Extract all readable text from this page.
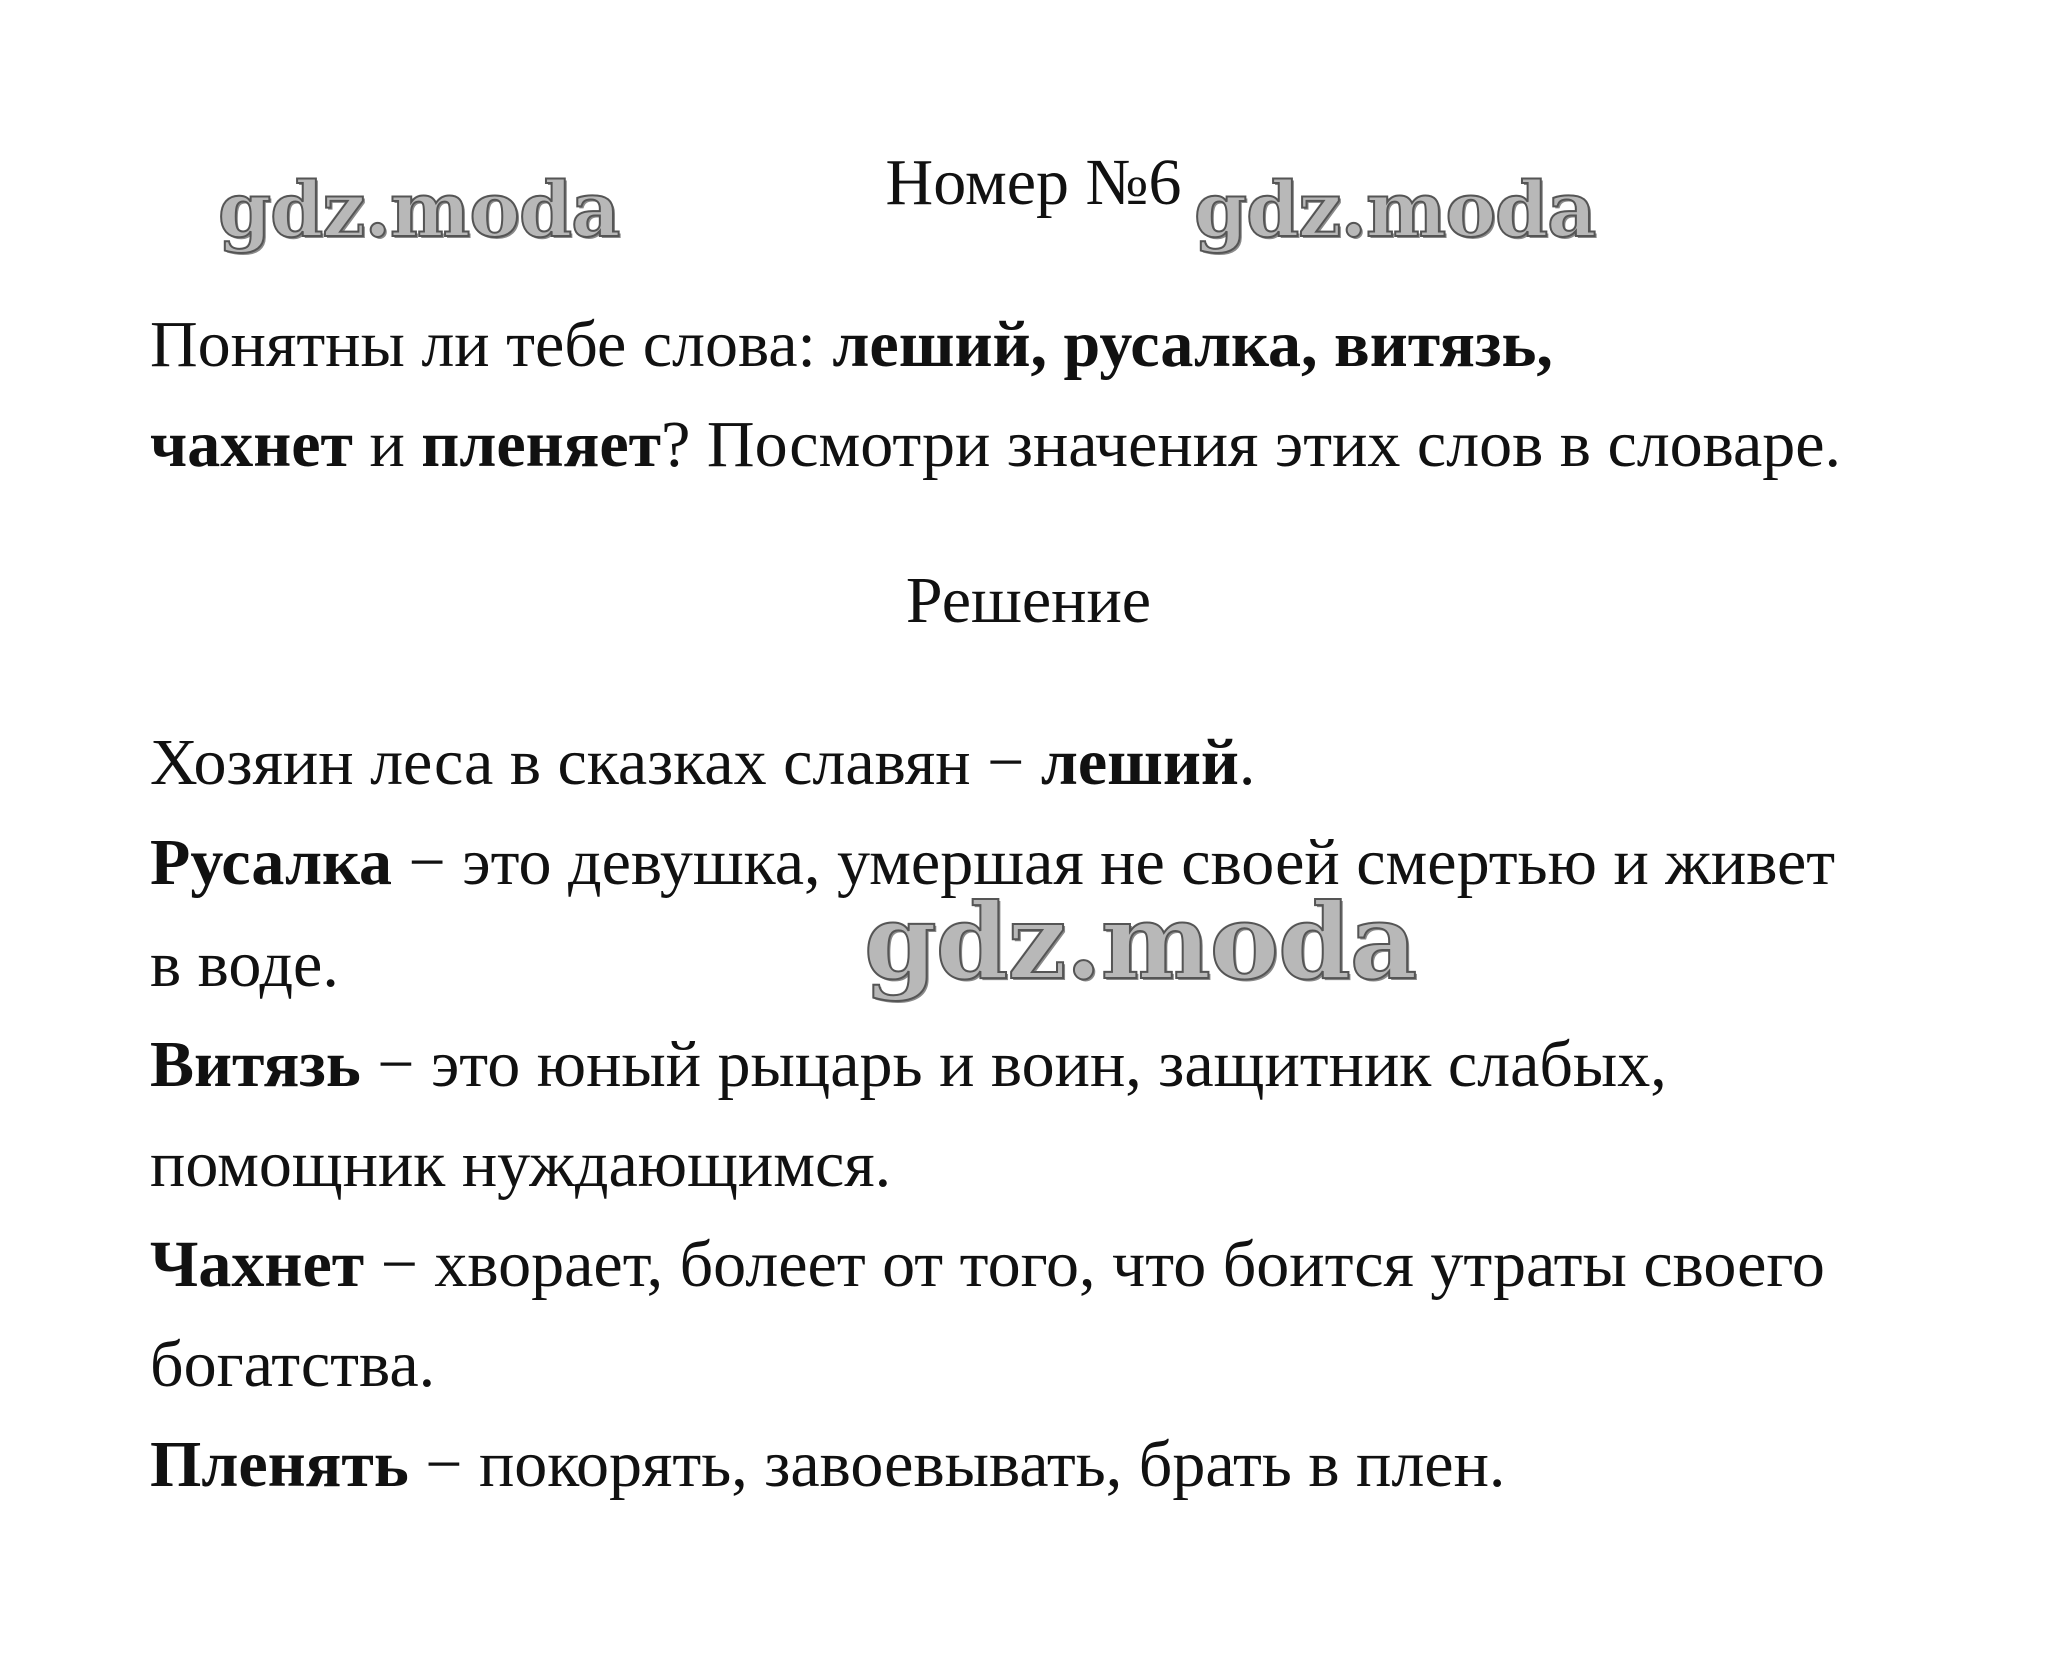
Номер №6
Понятны ли тебе слова: леший, русалка, витязь,
чахнет и пленяет? Посмотри значения этих слов в словаре.
Решение
Хозяин леса в сказках славян − леший.
Русалка − это девушка, умершая не своей смертью и живет
в воде.
Витязь − это юный рыцарь и воин, защитник слабых,
помощник нуждающимся.
Чахнет − хворает, болеет от того, что боится утраты своего
богатства.
Пленять − покорять, завоевывать, брать в плен.
gdz.moda	gdz.moda
gdz.moda
